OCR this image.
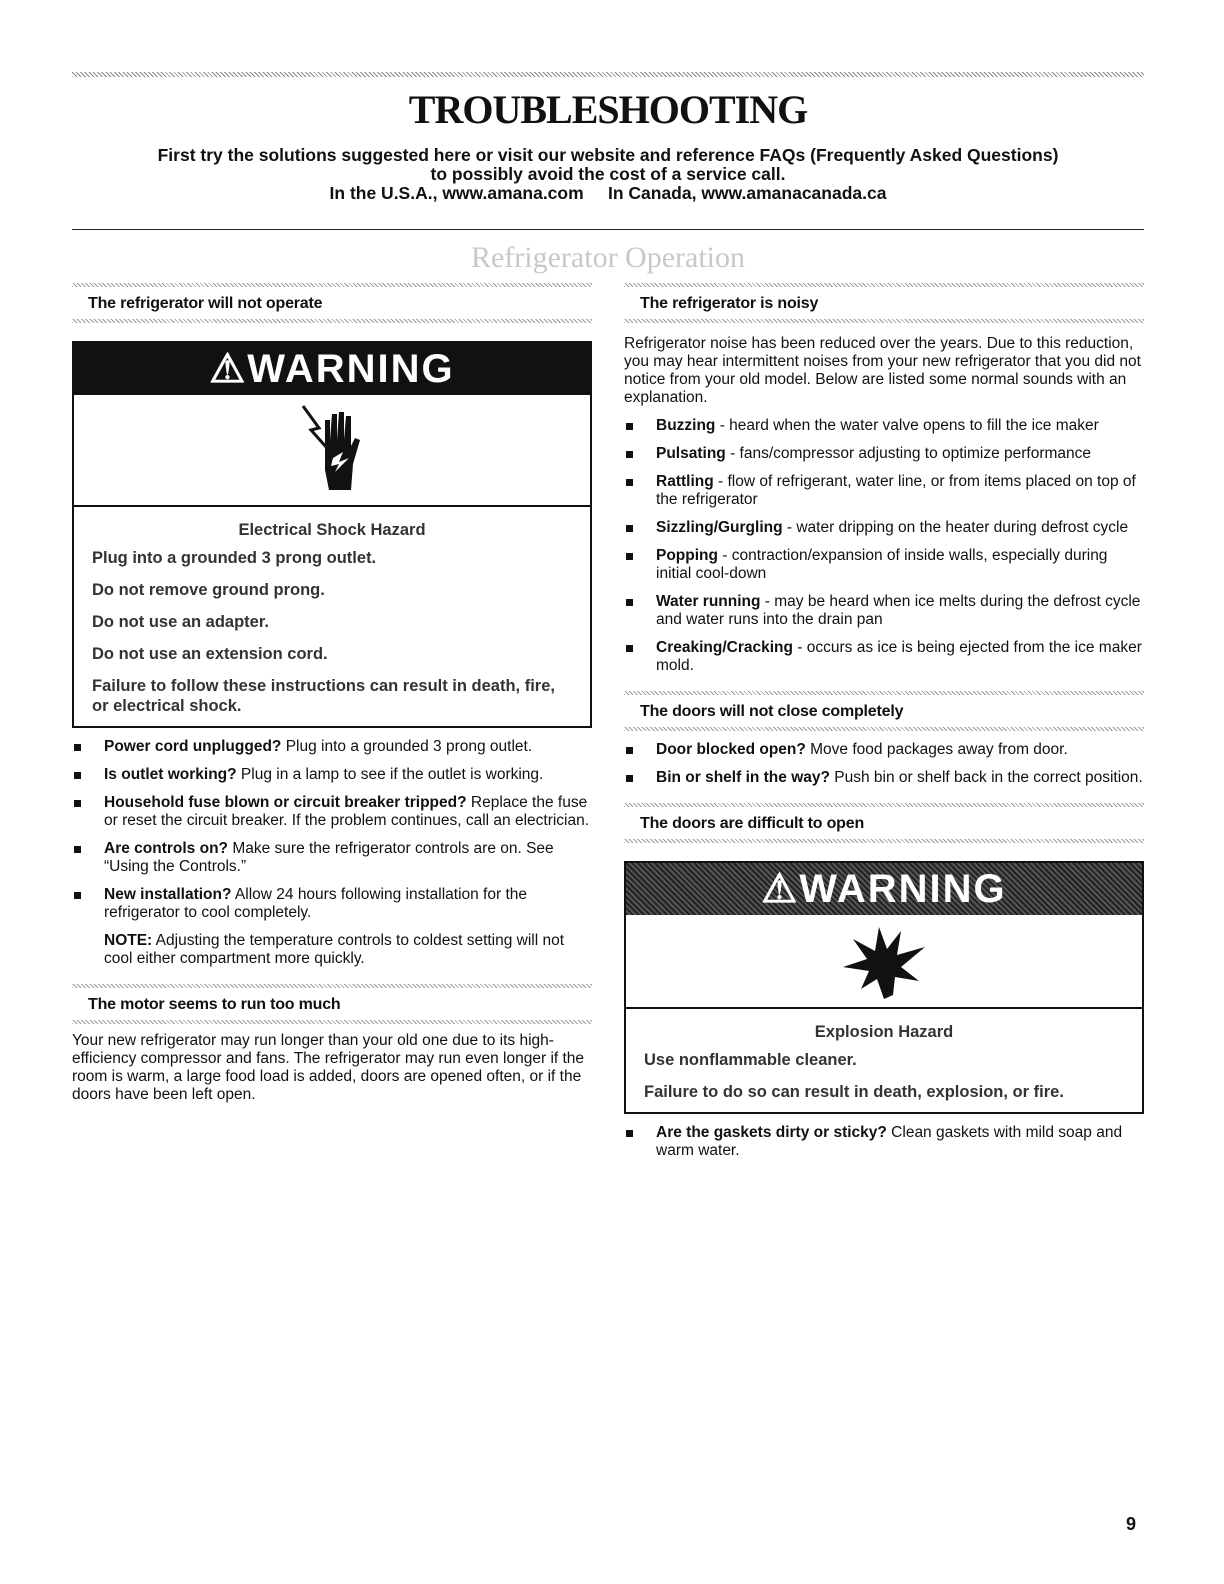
TROUBLESHOOTING
First try the solutions suggested here or visit our website and reference FAQs (Frequently Asked Questions)
to possibly avoid the cost of a service call.
In the U.S.A., www.amana.com     In Canada, www.amanacanada.ca
Refrigerator Operation
The refrigerator will not operate
⚠WARNING
Electrical Shock Hazard
Plug into a grounded 3 prong outlet.
Do not remove ground prong.
Do not use an adapter.
Do not use an extension cord.
Failure to follow these instructions can result in death, fire, or electrical shock.
Power cord unplugged? Plug into a grounded 3 prong outlet.
Is outlet working? Plug in a lamp to see if the outlet is working.
Household fuse blown or circuit breaker tripped? Replace the fuse or reset the circuit breaker. If the problem continues, call an electrician.
Are controls on? Make sure the refrigerator controls are on. See “Using the Controls.”
New installation? Allow 24 hours following installation for the refrigerator to cool completely.
NOTE: Adjusting the temperature controls to coldest setting will not cool either compartment more quickly.
The motor seems to run too much

Your new refrigerator may run longer than your old one due to its high-efficiency compressor and fans. The refrigerator may run even longer if the room is warm, a large food load is added, doors are opened often, or if the doors have been left open.

The refrigerator is noisy

Refrigerator noise has been reduced over the years. Due to this reduction, you may hear intermittent noises from your new refrigerator that you did not notice from your old model. Below are listed some normal sounds with an explanation.

Buzzing - heard when the water valve opens to fill the ice maker
Pulsating - fans/compressor adjusting to optimize performance
Rattling - flow of refrigerant, water line, or from items placed on top of the refrigerator
Sizzling/Gurgling - water dripping on the heater during defrost cycle
Popping - contraction/expansion of inside walls, especially during initial cool-down
Water running - may be heard when ice melts during the defrost cycle and water runs into the drain pan
Creaking/Cracking - occurs as ice is being ejected from the ice maker mold.
The doors will not close completely
Door blocked open? Move food packages away from door.
Bin or shelf in the way? Push bin or shelf back in the correct position.
The doors are difficult to open
⚠WARNING
Explosion Hazard
Use nonflammable cleaner.
Failure to do so can result in death, explosion, or fire.
Are the gaskets dirty or sticky? Clean gaskets with mild soap and warm water.
9
